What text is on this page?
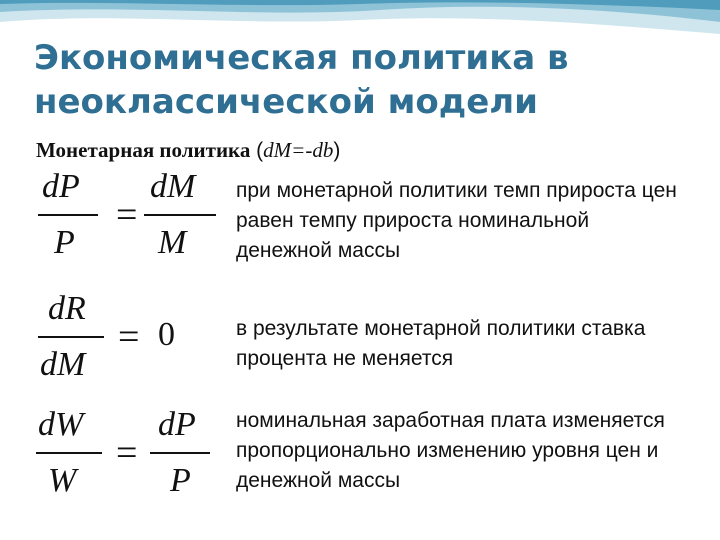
Экономическая политика в неоклассической модели
Монетарная политика (dM=-db)
dP
P
=
dM
M
при монетарной политики темп прироста цен равен темпу прироста номинальной денежной массы
dR
dM
= 0	в результате монетарной политики ставка процента не меняется
dW
W
=
dP
P
номинальная заработная плата изменяется пропорционально изменению уровня цен и денежной массы
